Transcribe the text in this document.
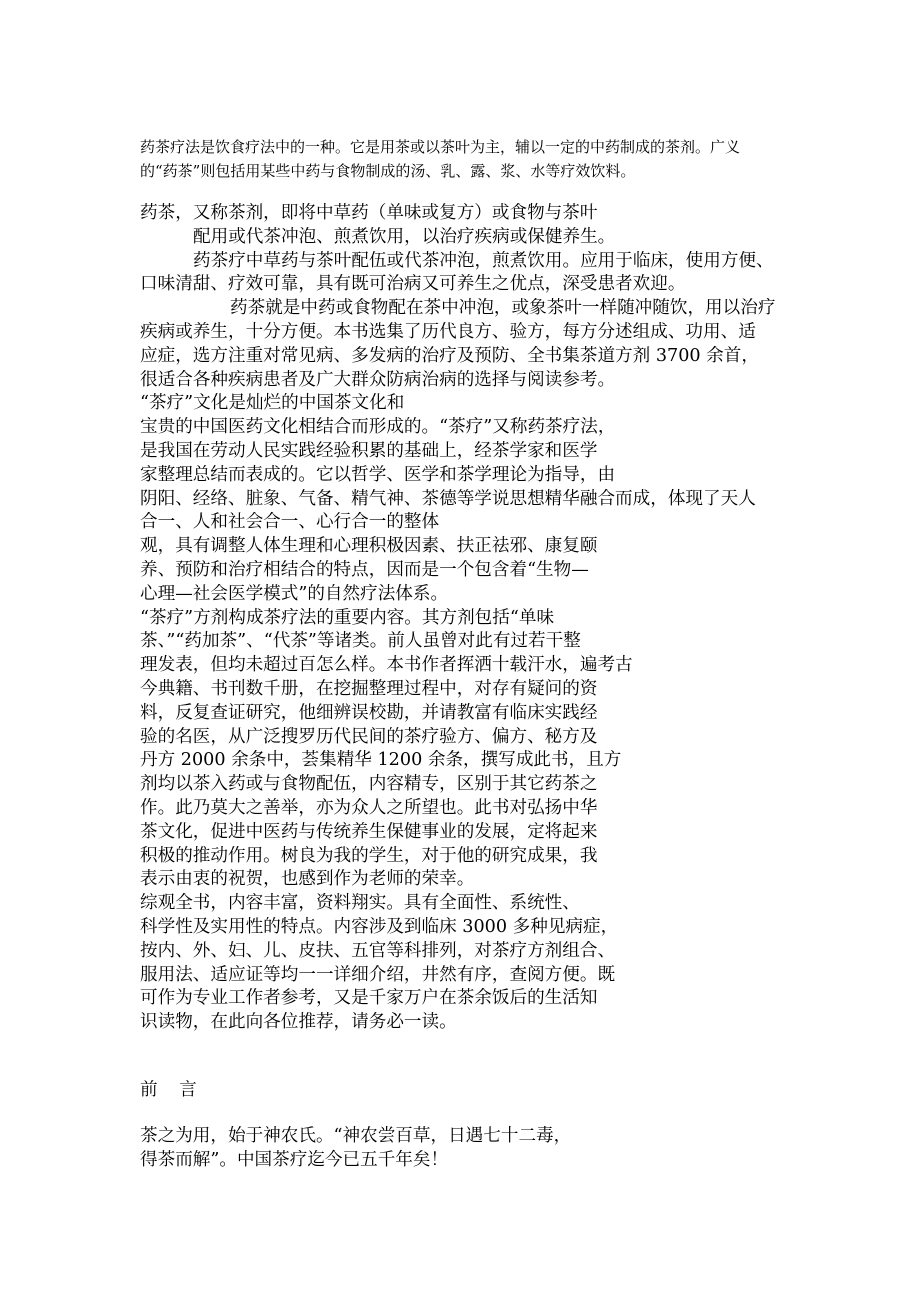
药茶疗法是饮食疗法中的一种。它是用茶或以茶叶为主，辅以一定的中药制成的茶剂。广义

的“药茶”则包括用某些中药与食物制成的汤、乳、露、浆、水等疗效饮料。

药茶，又称茶剂，即将中草药（单味或复方）或食物与茶叶

配用或代茶冲泡、煎煮饮用，以治疗疾病或保健养生。

药茶疗中草药与茶叶配伍或代茶冲泡，煎煮饮用。应用于临床，使用方便、

口味清甜、疗效可靠，具有既可治病又可养生之优点，深受患者欢迎。

药茶就是中药或食物配在茶中冲泡，或象茶叶一样随冲随饮，用以治疗

疾病或养生，十分方便。本书选集了历代良方、验方，每方分述组成、功用、适

应症，选方注重对常见病、多发病的治疗及预防、全书集茶道方剂 3700 余首，

很适合各种疾病患者及广大群众防病治病的选择与阅读参考。

“茶疗”文化是灿烂的中国茶文化和

宝贵的中国医药文化相结合而形成的。“茶疗”又称药茶疗法，

是我国在劳动人民实践经验积累的基础上，经茶学家和医学

家整理总结而表成的。它以哲学、医学和茶学理论为指导，由

阴阳、经络、脏象、气备、精气神、茶德等学说思想精华融合而成，体现了天人

合一、人和社会合一、心行合一的整体

观，具有调整人体生理和心理积极因素、扶正祛邪、康复颐

养、预防和治疗相结合的特点，因而是一个包含着“生物—

心理—社会医学模式”的自然疗法体系。

“茶疗”方剂构成茶疗法的重要内容。其方剂包括“单味

茶、”“药加茶”、“代茶”等诸类。前人虽曾对此有过若干整

理发表，但均未超过百怎么样。本书作者挥洒十载汗水，遍考古

今典籍、书刊数千册，在挖掘整理过程中，对存有疑问的资

料，反复查证研究，他细辨误校勘，并请教富有临床实践经

验的名医，从广泛搜罗历代民间的茶疗验方、偏方、秘方及

丹方 2000 余条中，荟集精华 1200 余条，撰写成此书，且方

剂均以茶入药或与食物配伍，内容精专，区别于其它药茶之

作。此乃莫大之善举，亦为众人之所望也。此书对弘扬中华

茶文化，促进中医药与传统养生保健事业的发展，定将起来

积极的推动作用。树良为我的学生，对于他的研究成果，我

表示由衷的祝贺，也感到作为老师的荣幸。

综观全书，内容丰富，资料翔实。具有全面性、系统性、

科学性及实用性的特点。内容涉及到临床 3000 多种见病症，

按内、外、妇、儿、皮扶、五官等科排列，对茶疗方剂组合、

服用法、适应证等均一一详细介绍，井然有序，查阅方便。既

可作为专业工作者参考，又是千家万户在茶余饭后的生活知

识读物，在此向各位推荐，请务必一读。

前 言

茶之为用，始于神农氏。“神农尝百草，日遇七十二毒，

得茶而解”。中国茶疗迄今已五千年矣！
